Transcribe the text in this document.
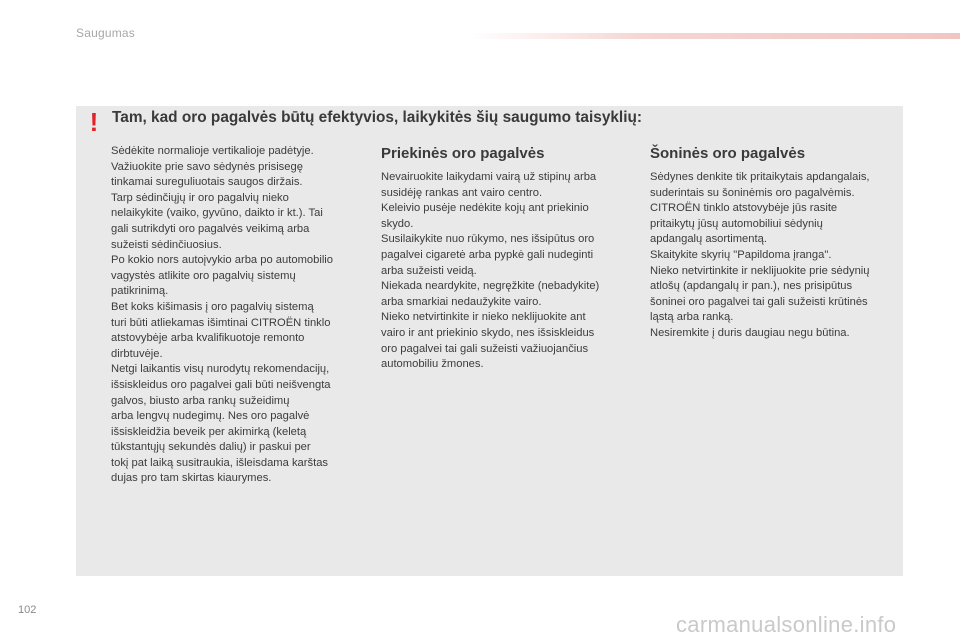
Saugumas
! Tam, kad oro pagalvės būtų efektyvios, laikykitės šių saugumo taisyklių:

Sėdėkite normalioje vertikalioje padėtyje.

Važiuokite prie savo sėdynės prisisegę

tinkamai sureguliuotais saugos diržais.

Tarp sėdinčiųjų ir oro pagalvių nieko

nelaikykite (vaiko, gyvūno, daikto ir kt.). Tai

gali sutrikdyti oro pagalvės veikimą arba

sužeisti sėdinčiuosius.

Po kokio nors autoįvykio arba po automobilio

vagystės atlikite oro pagalvių sistemų

patikrinimą.

Bet koks kišimasis į oro pagalvių sistemą

turi būti atliekamas išimtinai CITROËN tinklo

atstovybėje arba kvalifikuotoje remonto

dirbtuvėje.

Netgi laikantis visų nurodytų rekomendacijų,

išsiskleidus oro pagalvei gali būti neišvengta

galvos, biusto arba rankų sužeidimų

arba lengvų nudegimų. Nes oro pagalvė

išsiskleidžia beveik per akimirką (keletą

tūkstantųjų sekundės dalių) ir paskui per

tokį pat laiką susitraukia, išleisdama karštas

dujas pro tam skirtas kiaurymes.

Priekinės oro pagalvės

Nevairuokite laikydami vairą už stipinų arba

susidėję rankas ant vairo centro.

Keleivio pusėje nedėkite kojų ant priekinio

skydo.

Susilaikykite nuo rūkymo, nes išsipūtus oro

pagalvei cigaretė arba pypkė gali nudeginti

arba sužeisti veidą.

Niekada neardykite, negręžkite (nebadykite)

arba smarkiai nedaužykite vairo.

Nieko netvirtinkite ir nieko neklijuokite ant

vairo ir ant priekinio skydo, nes išsiskleidus

oro pagalvei tai gali sužeisti važiuojančius

automobiliu žmones.

Šoninės oro pagalvės

Sėdynes denkite tik pritaikytais apdangalais,

suderintais su šoninėmis oro pagalvėmis.

CITROËN tinklo atstovybėje jūs rasite

pritaikytų jūsų automobiliui sėdynių

apdangalų asortimentą.

Skaitykite skyrių "Papildoma įranga".

Nieko netvirtinkite ir neklijuokite prie sėdynių

atlošų (apdangalų ir pan.), nes prisipūtus

šoninei oro pagalvei tai gali sužeisti krūtinės

ląstą arba ranką.

Nesiremkite į duris daugiau negu būtina.

102
carmanualsonline.info
